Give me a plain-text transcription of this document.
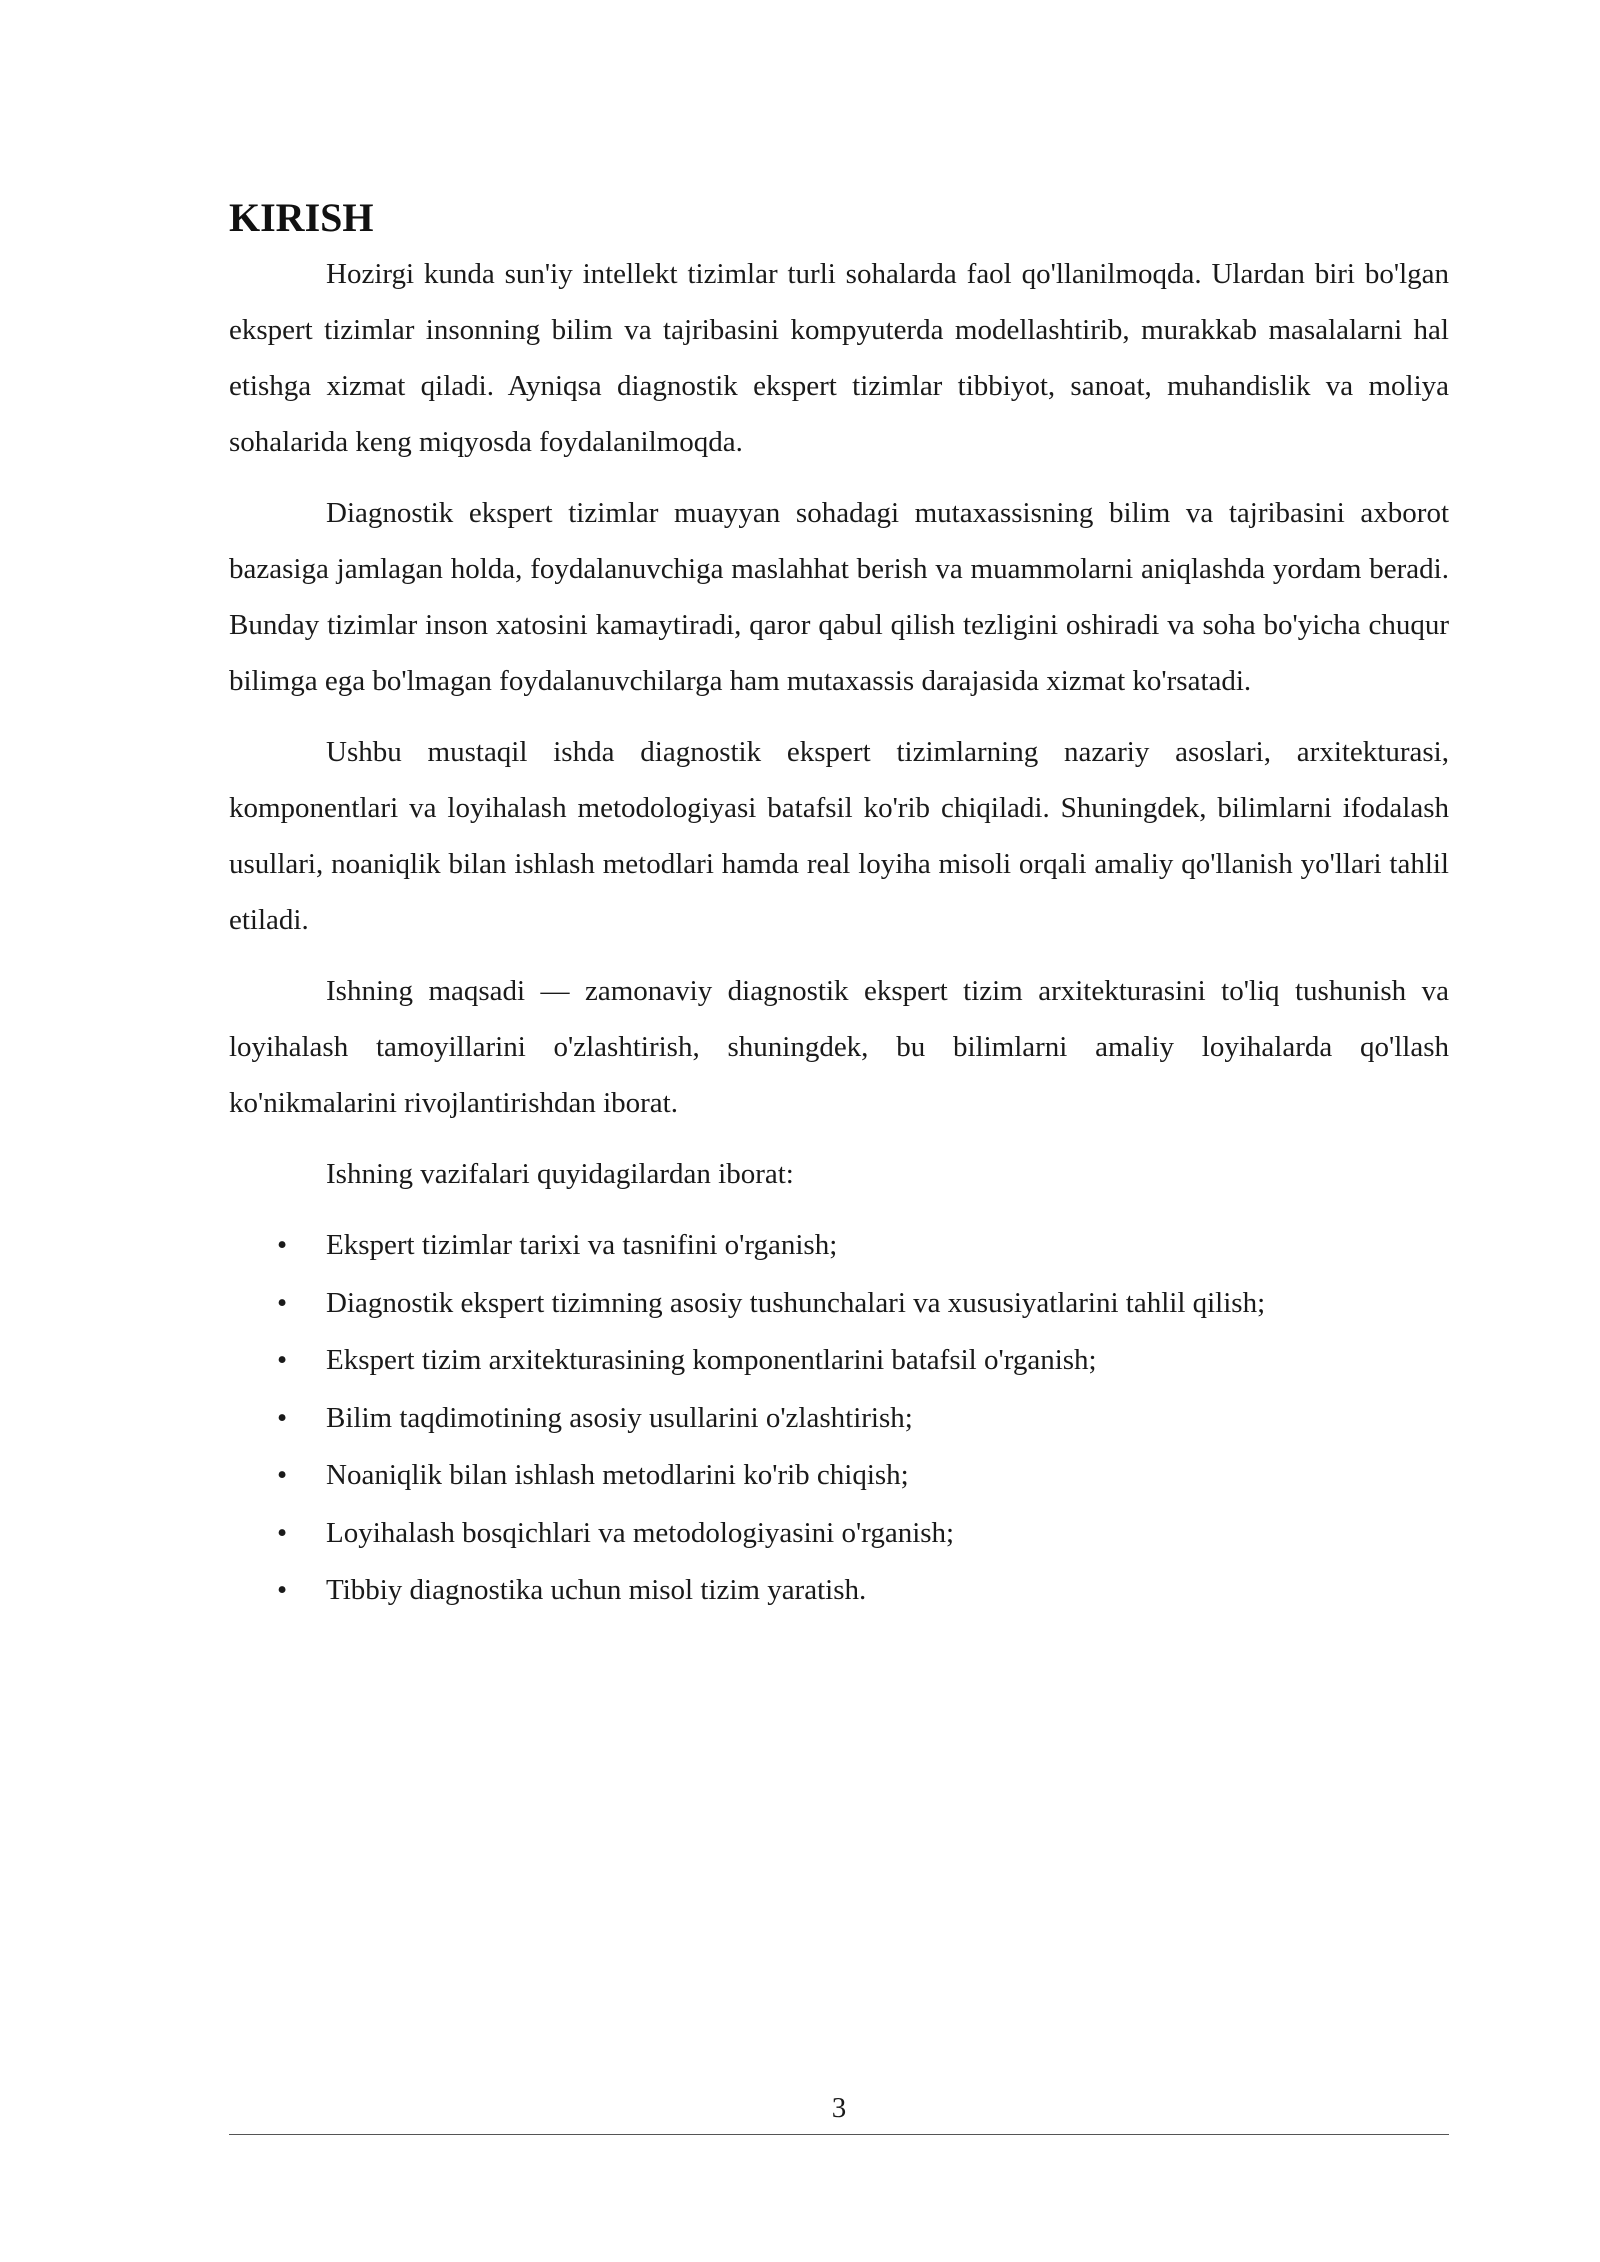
KIRISH

Hozirgi kunda sun'iy intellekt tizimlar turli sohalarda faol qo'llanilmoqda. Ulardan biri bo'lgan ekspert tizimlar insonning bilim va tajribasini kompyuterda modellashtirib, murakkab masalalarni hal etishga xizmat qiladi. Ayniqsa diagnostik ekspert tizimlar tibbiyot, sanoat, muhandislik va moliya sohalarida keng miqyosda foydalanilmoqda.

Diagnostik ekspert tizimlar muayyan sohadagi mutaxassisning bilim va tajribasini axborot bazasiga jamlagan holda, foydalanuvchiga maslahhat berish va muammolarni aniqlashda yordam beradi. Bunday tizimlar inson xatosini kamaytiradi, qaror qabul qilish tezligini oshiradi va soha bo'yicha chuqur bilimga ega bo'lmagan foydalanuvchilarga ham mutaxassis darajasida xizmat ko'rsatadi.

Ushbu mustaqil ishda diagnostik ekspert tizimlarning nazariy asoslari, arxitekturasi, komponentlari va loyihalash metodologiyasi batafsil ko'rib chiqiladi. Shuningdek, bilimlarni ifodalash usullari, noaniqlik bilan ishlash metodlari hamda real loyiha misoli orqali amaliy qo'llanish yo'llari tahlil etiladi.

Ishning maqsadi — zamonaviy diagnostik ekspert tizim arxitekturasini to'liq tushunish va loyihalash tamoyillarini o'zlashtirish, shuningdek, bu bilimlarni amaliy loyihalarda qo'llash ko'nikmalarini rivojlantirishdan iborat.

Ishning vazifalari quyidagilardan iborat:

• Ekspert tizimlar tarixi va tasnifini o'rganish;
• Diagnostik ekspert tizimning asosiy tushunchalari va xususiyatlarini tahlil qilish;
• Ekspert tizim arxitekturasining komponentlarini batafsil o'rganish;
• Bilim taqdimotining asosiy usullarini o'zlashtirish;
• Noaniqlik bilan ishlash metodlarini ko'rib chiqish;
• Loyihalash bosqichlari va metodologiyasini o'rganish;
• Tibbiy diagnostika uchun misol tizim yaratish.

3
